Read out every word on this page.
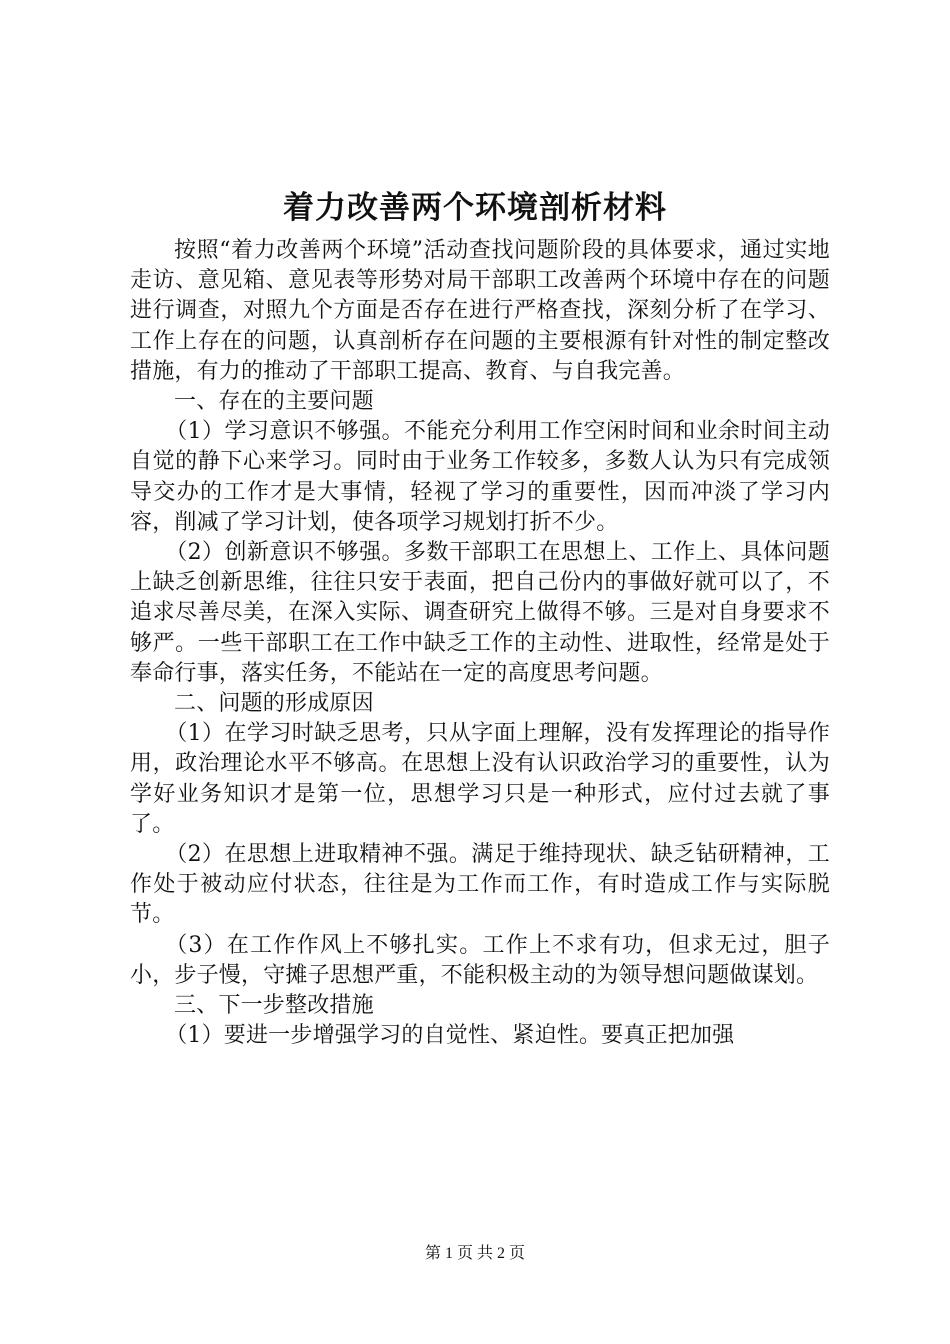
着力改善两个环境剖析材料

按照“着力改善两个环境”活动查找问题阶段的具体要求，通过实地走访、意见箱、意见表等形势对局干部职工改善两个环境中存在的问题进行调查，对照九个方面是否存在进行严格查找，深刻分析了在学习、工作上存在的问题，认真剖析存在问题的主要根源有针对性的制定整改措施，有力的推动了干部职工提高、教育、与自我完善。

一、存在的主要问题

（1）学习意识不够强。不能充分利用工作空闲时间和业余时间主动自觉的静下心来学习。同时由于业务工作较多，多数人认为只有完成领导交办的工作才是大事情，轻视了学习的重要性，因而冲淡了学习内容，削减了学习计划，使各项学习规划打折不少。

（2）创新意识不够强。多数干部职工在思想上、工作上、具体问题上缺乏创新思维，往往只安于表面，把自己份内的事做好就可以了，不追求尽善尽美，在深入实际、调查研究上做得不够。三是对自身要求不够严。一些干部职工在工作中缺乏工作的主动性、进取性，经常是处于奉命行事，落实任务，不能站在一定的高度思考问题。

二、问题的形成原因

（1）在学习时缺乏思考，只从字面上理解，没有发挥理论的指导作用，政治理论水平不够高。在思想上没有认识政治学习的重要性，认为学好业务知识才是第一位，思想学习只是一种形式，应付过去就了事了。

（2）在思想上进取精神不强。满足于维持现状、缺乏钻研精神，工作处于被动应付状态，往往是为工作而工作，有时造成工作与实际脱节。

（3）在工作作风上不够扎实。工作上不求有功，但求无过，胆子小，步子慢，守摊子思想严重，不能积极主动的为领导想问题做谋划。

三、下一步整改措施

（1）要进一步增强学习的自觉性、紧迫性。要真正把加强

第 1 页 共 2 页
